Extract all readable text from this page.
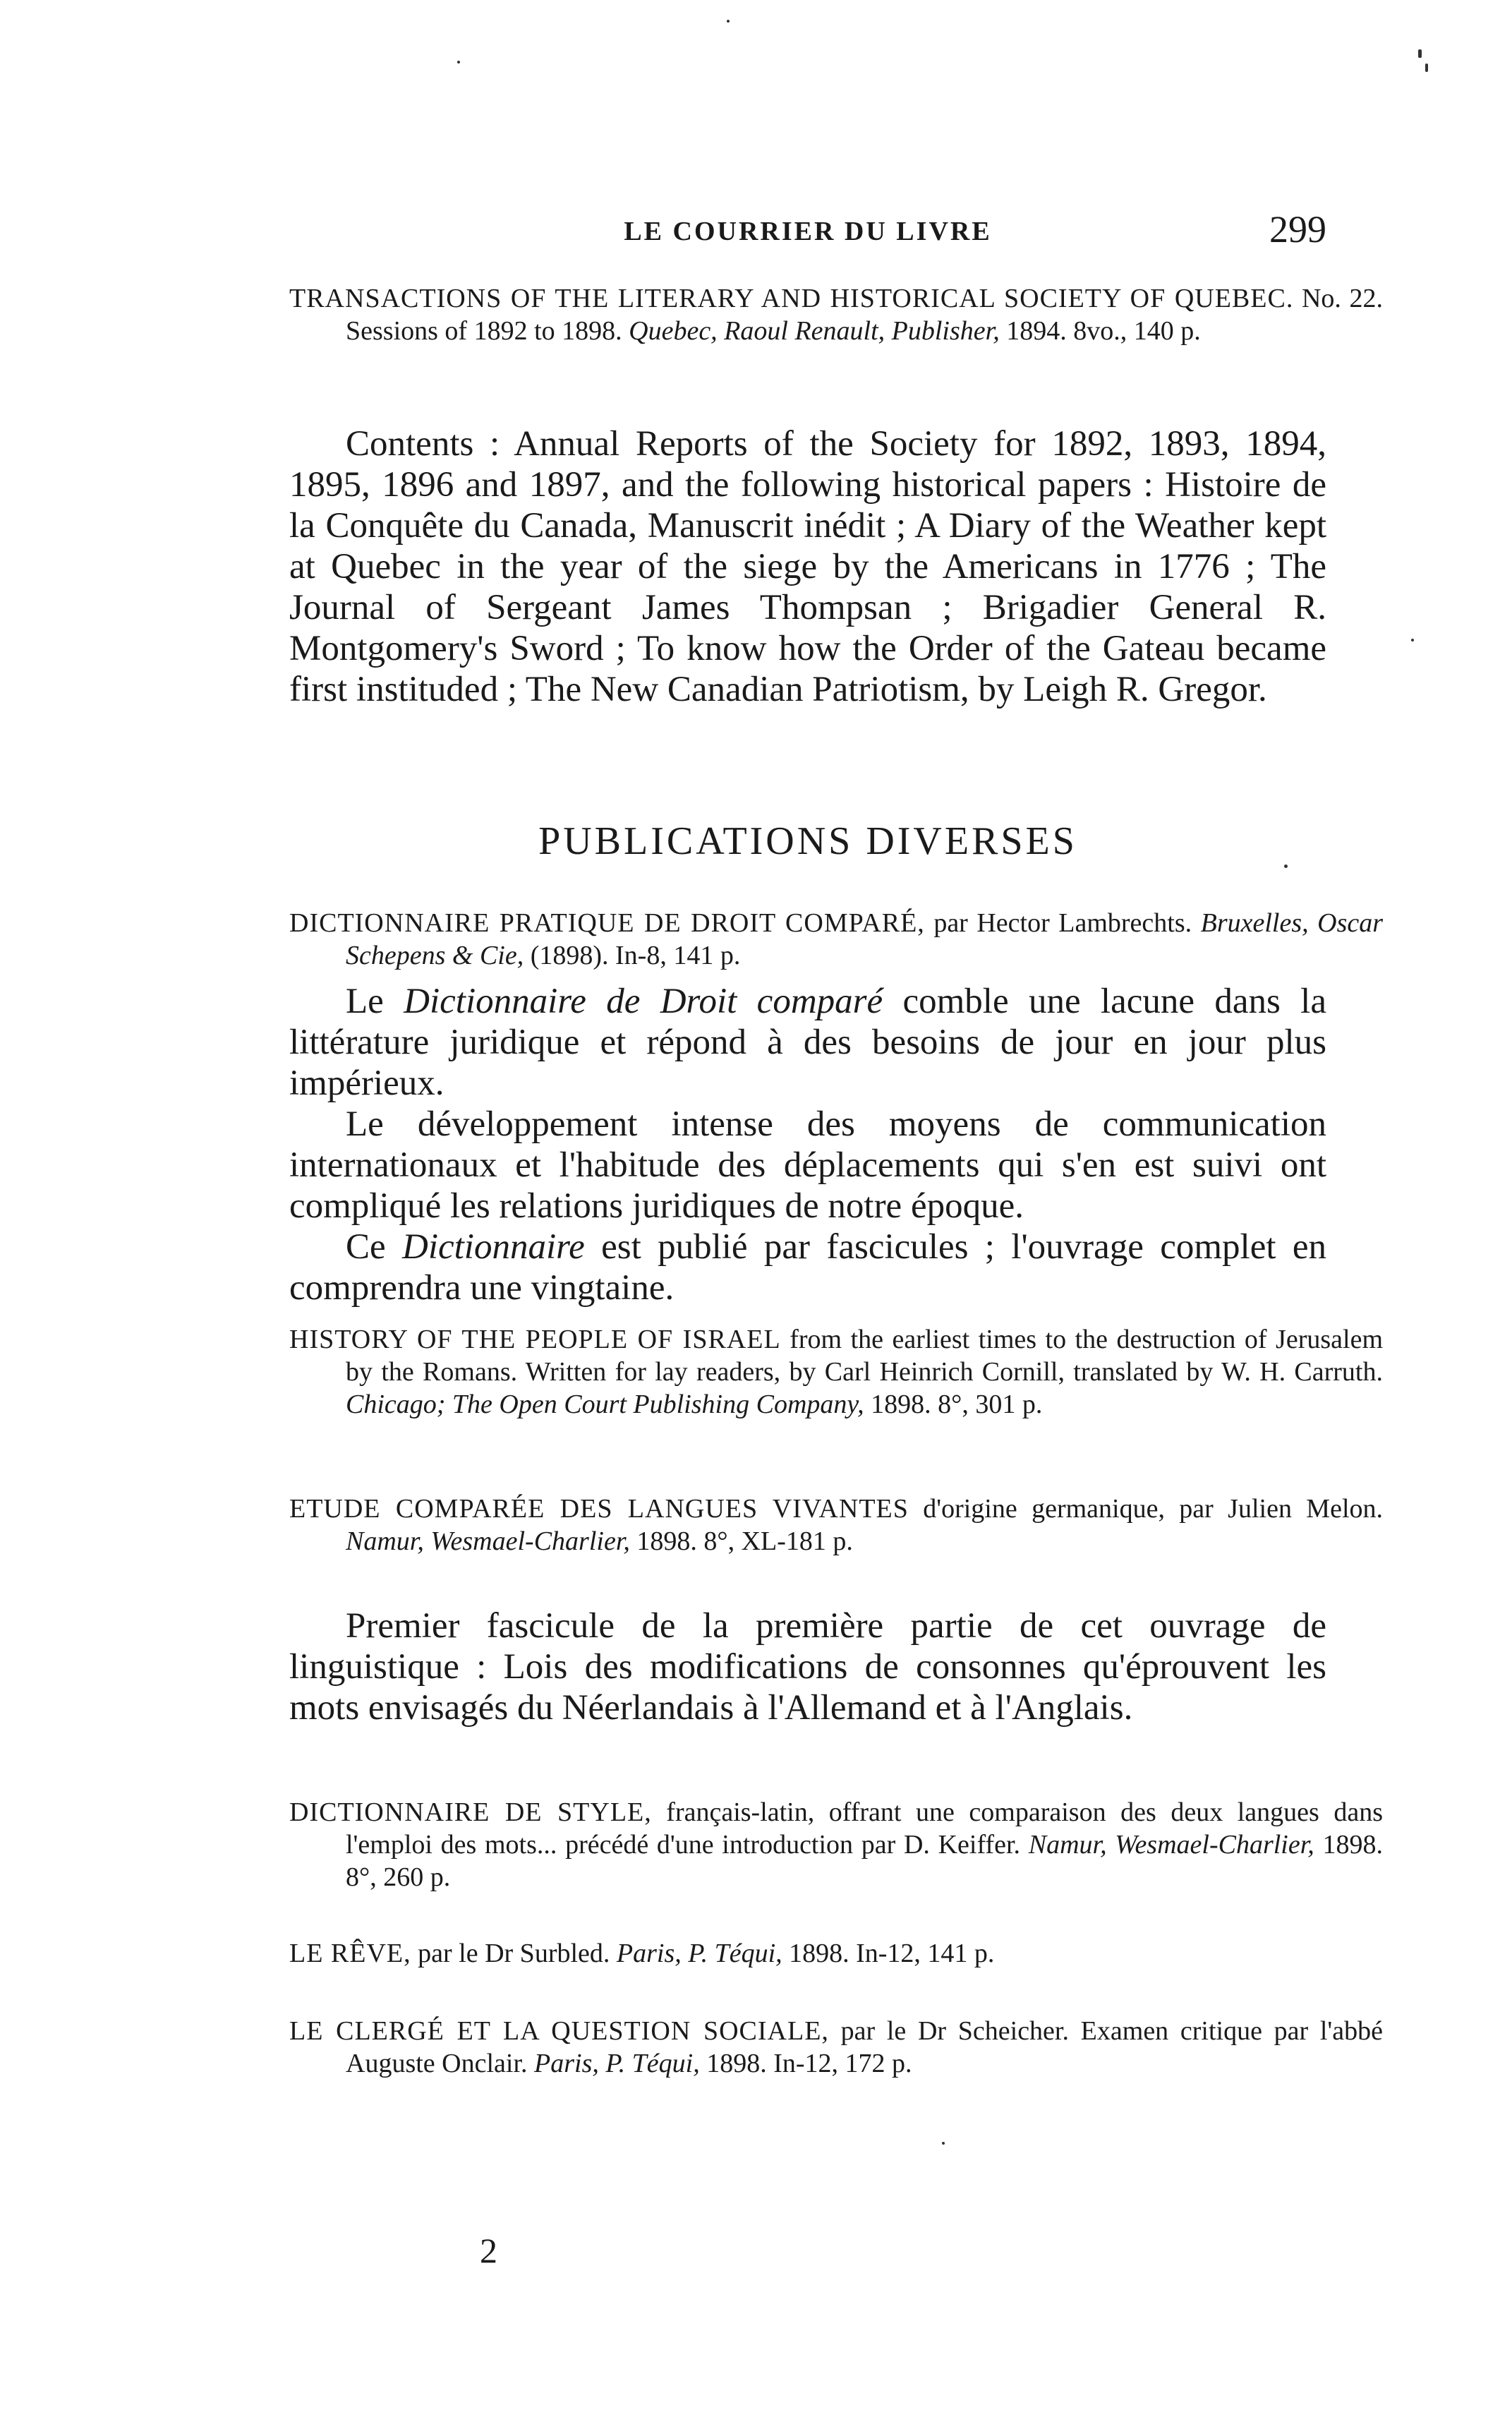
LE COURRIER DU LIVRE	299
TRANSACTIONS OF THE LITERARY AND HISTORICAL SOCIETY OF QUEBEC. No. 22. Sessions of 1892 to 1898. Quebec, Raoul Renault, Publisher, 1894. 8vo., 140 p.

Contents : Annual Reports of the Society for 1892, 1893, 1894, 1895, 1896 and 1897, and the following historical papers : Histoire de la Conquête du Canada, Manuscrit inédit ; A Diary of the Weather kept at Quebec in the year of the siege by the Americans in 1776 ; The Journal of Sergeant James Thompsan ; Brigadier General R. Montgomery's Sword ; To know how the Order of the Gateau became first instituded ; The New Canadian Patriotism, by Leigh R. Gregor.

PUBLICATIONS DIVERSES
DICTIONNAIRE PRATIQUE DE DROIT COMPARÉ, par Hector Lambrechts. Bruxelles, Oscar Schepens & Cie, (1898). In-8, 141 p.

Le Dictionnaire de Droit comparé comble une lacune dans la littérature juridique et répond à des besoins de jour en jour plus impérieux.

Le développement intense des moyens de communication internationaux et l'habitude des déplacements qui s'en est suivi ont compliqué les relations juridiques de notre époque.

Ce Dictionnaire est publié par fascicules ; l'ouvrage complet en comprendra une vingtaine.

HISTORY OF THE PEOPLE OF ISRAEL from the earliest times to the destruction of Jerusalem by the Romans. Written for lay readers, by Carl Heinrich Cornill, translated by W. H. Carruth. Chicago; The Open Court Publishing Company, 1898. 8°, 301 p.
ETUDE COMPARÉE DES LANGUES VIVANTES d'origine germanique, par Julien Melon. Namur, Wesmael-Charlier, 1898. 8°, XL-181 p.

Premier fascicule de la première partie de cet ouvrage de linguistique : Lois des modifications de consonnes qu'éprouvent les mots envisagés du Néerlandais à l'Allemand et à l'Anglais.

DICTIONNAIRE DE STYLE, français-latin, offrant une comparaison des deux langues dans l'emploi des mots... précédé d'une introduction par D. Keiffer. Namur, Wesmael-Charlier, 1898. 8°, 260 p.
LE RÊVE, par le Dr Surbled. Paris, P. Téqui, 1898. In-12, 141 p.
LE CLERGÉ ET LA QUESTION SOCIALE, par le Dr Scheicher. Examen critique par l'abbé Auguste Onclair. Paris, P. Téqui, 1898. In-12, 172 p.
2
